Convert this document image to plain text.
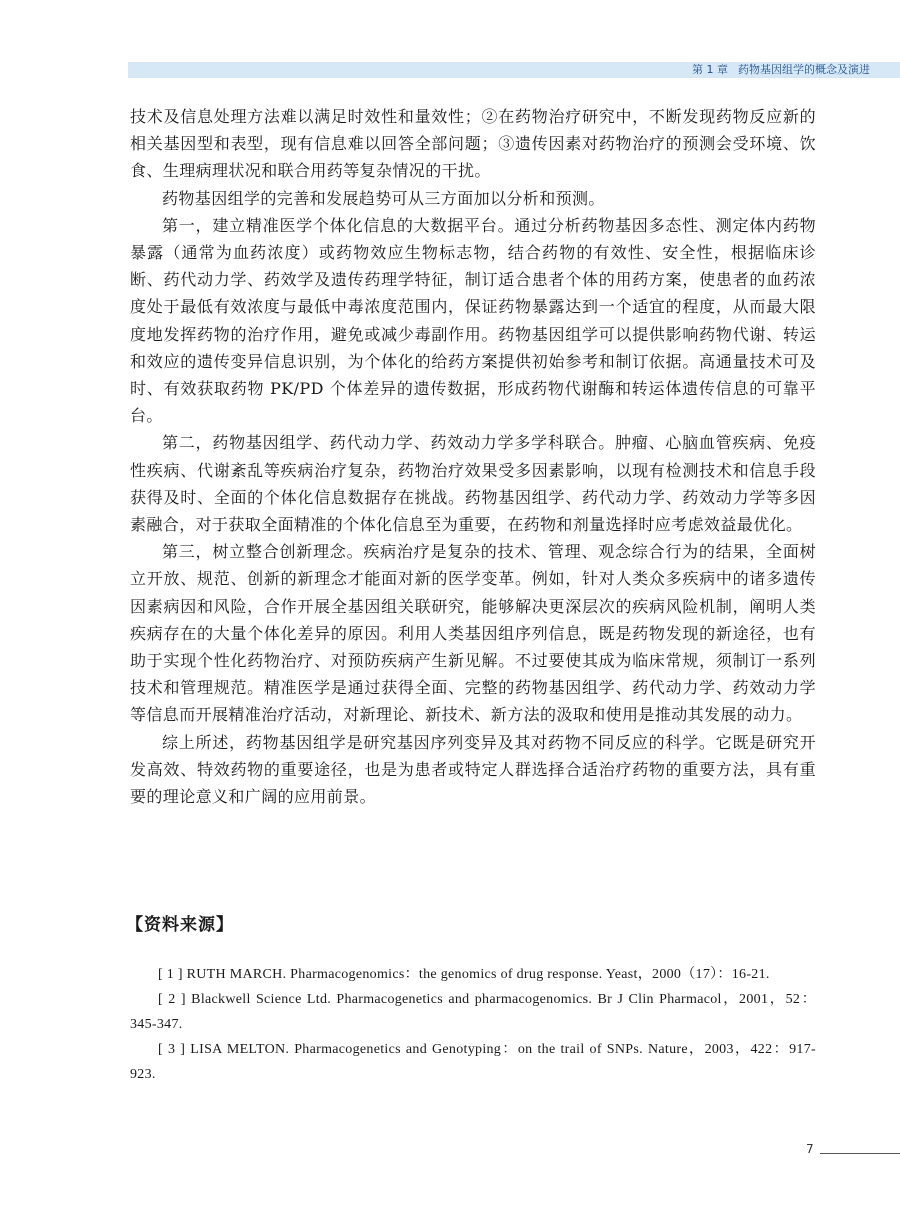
第 1 章 药物基因组学的概念及演进

技术及信息处理方法难以满足时效性和量效性；②在药物治疗研究中，不断发现药物反应新的相关基因型和表型，现有信息难以回答全部问题；③遗传因素对药物治疗的预测会受环境、饮食、生理病理状况和联合用药等复杂情况的干扰。

药物基因组学的完善和发展趋势可从三方面加以分析和预测。

第一，建立精准医学个体化信息的大数据平台。通过分析药物基因多态性、测定体内药物暴露（通常为血药浓度）或药物效应生物标志物，结合药物的有效性、安全性，根据临床诊断、药代动力学、药效学及遗传药理学特征，制订适合患者个体的用药方案，使患者的血药浓度处于最低有效浓度与最低中毒浓度范围内，保证药物暴露达到一个适宜的程度，从而最大限度地发挥药物的治疗作用，避免或减少毒副作用。药物基因组学可以提供影响药物代谢、转运和效应的遗传变异信息识别，为个体化的给药方案提供初始参考和制订依据。高通量技术可及时、有效获取药物 PK/PD 个体差异的遗传数据，形成药物代谢酶和转运体遗传信息的可靠平台。

第二，药物基因组学、药代动力学、药效动力学多学科联合。肿瘤、心脑血管疾病、免疫性疾病、代谢紊乱等疾病治疗复杂，药物治疗效果受多因素影响，以现有检测技术和信息手段获得及时、全面的个体化信息数据存在挑战。药物基因组学、药代动力学、药效动力学等多因素融合，对于获取全面精准的个体化信息至为重要，在药物和剂量选择时应考虑效益最优化。

第三，树立整合创新理念。疾病治疗是复杂的技术、管理、观念综合行为的结果，全面树立开放、规范、创新的新理念才能面对新的医学变革。例如，针对人类众多疾病中的诸多遗传因素病因和风险，合作开展全基因组关联研究，能够解决更深层次的疾病风险机制，阐明人类疾病存在的大量个体化差异的原因。利用人类基因组序列信息，既是药物发现的新途径，也有助于实现个性化药物治疗、对预防疾病产生新见解。不过要使其成为临床常规，须制订一系列技术和管理规范。精准医学是通过获得全面、完整的药物基因组学、药代动力学、药效动力学等信息而开展精准治疗活动，对新理论、新技术、新方法的汲取和使用是推动其发展的动力。

综上所述，药物基因组学是研究基因序列变异及其对药物不同反应的科学。它既是研究开发高效、特效药物的重要途径，也是为患者或特定人群选择合适治疗药物的重要方法，具有重要的理论意义和广阔的应用前景。

【资料来源】

[ 1 ] RUTH MARCH. Pharmacogenomics：the genomics of drug response. Yeast，2000（17）：16-21.

[ 2 ] Blackwell Science Ltd. Pharmacogenetics and pharmacogenomics. Br J Clin Pharmacol，2001，52：345-347.

[ 3 ] LISA MELTON. Pharmacogenetics and Genotyping：on the trail of SNPs. Nature，2003，422：917-923.

7
